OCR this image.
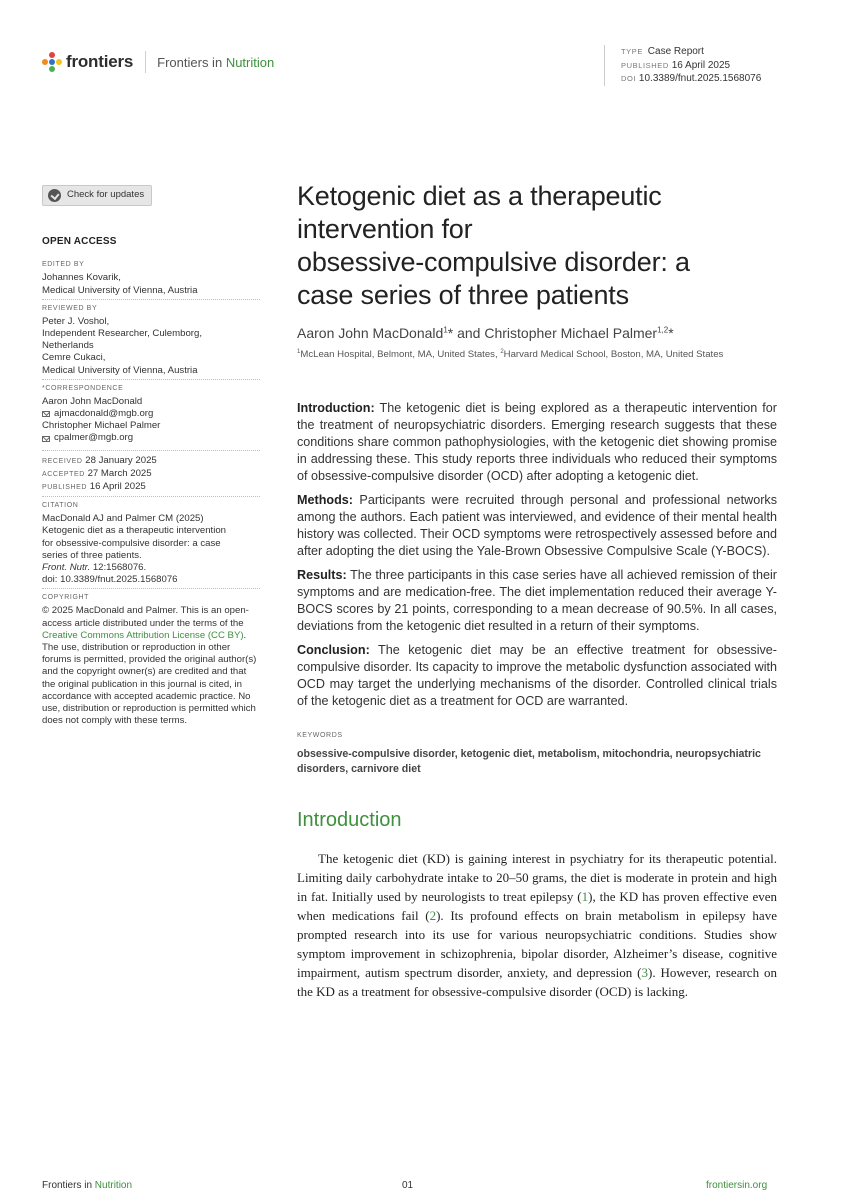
frontiers Frontiers in Nutrition
TYPE Case Report
PUBLISHED 16 April 2025
DOI 10.3389/fnut.2025.1568076
Check for updates
OPEN ACCESS
EDITED BY
Johannes Kovarik,
Medical University of Vienna, Austria
REVIEWED BY
Peter J. Voshol,
Independent Researcher, Culemborg,
Netherlands
Cemre Cukaci,
Medical University of Vienna, Austria
*CORRESPONDENCE
Aaron John MacDonald
ajmacdonald@mgb.org
Christopher Michael Palmer
cpalmer@mgb.org
RECEIVED 28 January 2025
ACCEPTED 27 March 2025
PUBLISHED 16 April 2025
CITATION
MacDonald AJ and Palmer CM (2025)
Ketogenic diet as a therapeutic intervention
for obsessive-compulsive disorder: a case
series of three patients.
Front. Nutr. 12:1568076.
doi: 10.3389/fnut.2025.1568076
COPYRIGHT
© 2025 MacDonald and Palmer. This is an open-access article distributed under the terms of the Creative Commons Attribution License (CC BY). The use, distribution or reproduction in other forums is permitted, provided the original author(s) and the copyright owner(s) are credited and that the original publication in this journal is cited, in accordance with accepted academic practice. No use, distribution or reproduction is permitted which does not comply with these terms.
Ketogenic diet as a therapeutic
intervention for
obsessive-compulsive disorder: a
case series of three patients
Aaron John MacDonald$^1$* and Christopher Michael Palmer$^{1,2}$*
$^1$McLean Hospital, Belmont, MA, United States, $^2$Harvard Medical School, Boston, MA, United States

Introduction: The ketogenic diet is being explored as a therapeutic intervention for the treatment of neuropsychiatric disorders. Emerging research suggests that these conditions share common pathophysiologies, with the ketogenic diet showing promise in addressing these. This study reports three individuals who reduced their symptoms of obsessive-compulsive disorder (OCD) after adopting a ketogenic diet.

Methods: Participants were recruited through personal and professional networks among the authors. Each patient was interviewed, and evidence of their mental health history was collected. Their OCD symptoms were retrospectively assessed before and after adopting the diet using the Yale-Brown Obsessive Compulsive Scale (Y-BOCS).

Results: The three participants in this case series have all achieved remission of their symptoms and are medication-free. The diet implementation reduced their average Y-BOCS scores by 21 points, corresponding to a mean decrease of 90.5%. In all cases, deviations from the ketogenic diet resulted in a return of their symptoms.

Conclusion: The ketogenic diet may be an effective treatment for obsessive-compulsive disorder. Its capacity to improve the metabolic dysfunction associated with OCD may target the underlying mechanisms of the disorder. Controlled clinical trials of the ketogenic diet as a treatment for OCD are warranted.

KEYWORDS
obsessive-compulsive disorder, ketogenic diet, metabolism, mitochondria, neuropsychiatric disorders, carnivore diet
Introduction
The ketogenic diet (KD) is gaining interest in psychiatry for its therapeutic potential. Limiting daily carbohydrate intake to 20–50 grams, the diet is moderate in protein and high in fat. Initially used by neurologists to treat epilepsy (1), the KD has proven effective even when medications fail (2). Its profound effects on brain metabolism in epilepsy have prompted research into its use for various neuropsychiatric conditions. Studies show symptom improvement in schizophrenia, bipolar disorder, Alzheimer’s disease, cognitive impairment, autism spectrum disorder, anxiety, and depression (3). However, research on the KD as a treatment for obsessive-compulsive disorder (OCD) is lacking.
Frontiers in Nutrition	01	frontiersin.org
